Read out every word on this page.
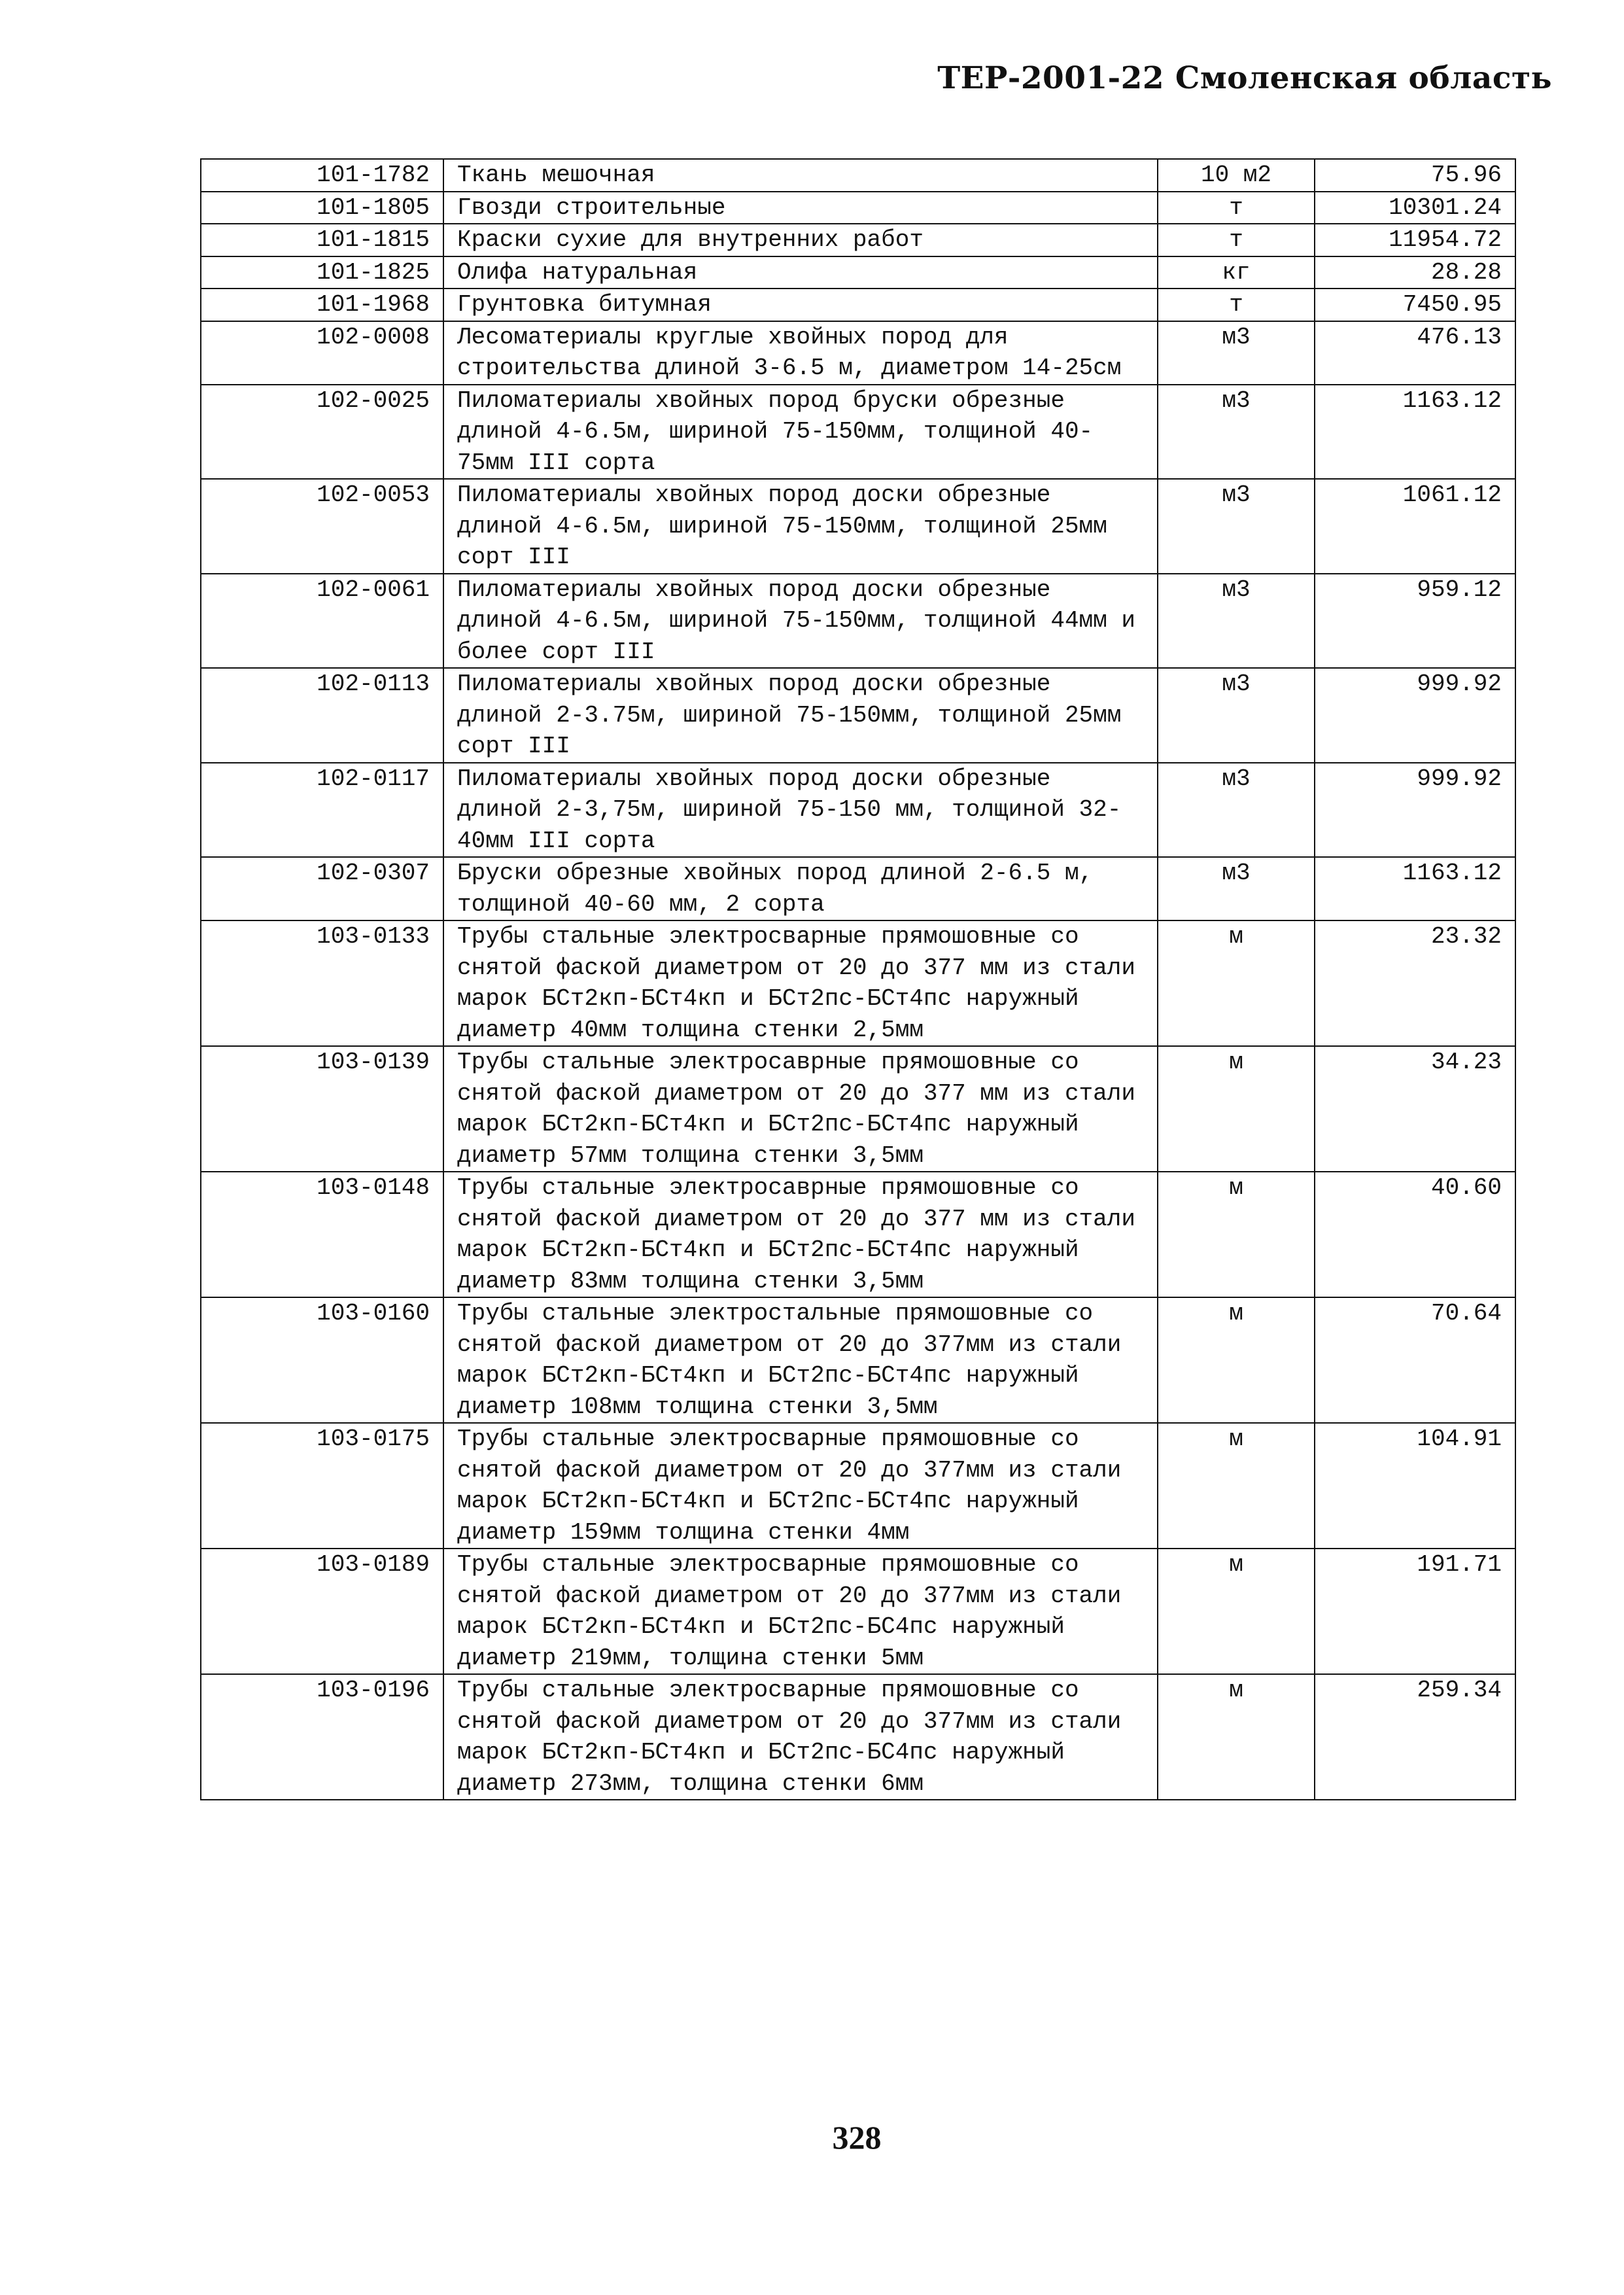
ТЕР-2001-22 Смоленская область
101-1782	Ткань мешочная	10 м2	75.96
101-1805	Гвозди строительные	т	10301.24
101-1815	Краски сухие для внутренних работ	т	11954.72
101-1825	Олифа натуральная	кг	28.28
101-1968	Грунтовка битумная	т	7450.95
102-0008	Лесоматериалы круглые хвойных пород для строительства длиной 3-6.5 м, диаметром 14-25см	м3	476.13
102-0025	Пиломатериалы хвойных пород бруски обрезные длиной 4-6.5м, шириной 75-150мм, толщиной 40-75мм III сорта	м3	1163.12
102-0053	Пиломатериалы хвойных пород доски обрезные длиной 4-6.5м, шириной 75-150мм, толщиной 25мм сорт III	м3	1061.12
102-0061	Пиломатериалы хвойных пород доски обрезные длиной 4-6.5м, шириной 75-150мм, толщиной 44мм и более сорт III	м3	959.12
102-0113	Пиломатериалы хвойных пород доски обрезные длиной 2-3.75м, шириной 75-150мм, толщиной 25мм сорт III	м3	999.92
102-0117	Пиломатериалы хвойных пород доски обрезные длиной 2-3,75м, шириной 75-150 мм, толщиной 32-40мм III сорта	м3	999.92
102-0307	Бруски обрезные хвойных пород длиной 2-6.5 м, толщиной 40-60 мм, 2 сорта	м3	1163.12
103-0133	Трубы стальные электросварные прямошовные со снятой фаской диаметром от 20 до 377 мм из стали марок БСт2кп-БСт4кп и БСт2пс-БСт4пс наружный диаметр 40мм толщина стенки 2,5мм	м	23.32
103-0139	Трубы стальные электросаврные прямошовные со снятой фаской диаметром от 20 до 377 мм из стали марок БСт2кп-БСт4кп и БСт2пс-БСт4пс наружный диаметр 57мм толщина стенки 3,5мм	м	34.23
103-0148	Трубы стальные электросаврные прямошовные со снятой фаской диаметром от 20 до 377 мм из стали марок БСт2кп-БСт4кп и БСт2пс-БСт4пс наружный диаметр 83мм толщина стенки 3,5мм	м	40.60
103-0160	Трубы стальные электростальные прямошовные со снятой фаской диаметром от 20 до 377мм из стали марок БСт2кп-БСт4кп и БСт2пс-БСт4пс наружный диаметр 108мм толщина стенки 3,5мм	м	70.64
103-0175	Трубы стальные электросварные прямошовные со снятой фаской диаметром от 20 до 377мм из стали марок БСт2кп-БСт4кп и БСт2пс-БСт4пс наружный диаметр 159мм толщина стенки 4мм	м	104.91
103-0189	Трубы стальные электросварные прямошовные со снятой фаской диаметром от 20 до 377мм из стали марок БСт2кп-БСт4кп и БСт2пс-БС4пс наружный диаметр 219мм, толщина стенки 5мм	м	191.71
103-0196	Трубы стальные электросварные прямошовные со снятой фаской диаметром от 20 до 377мм из стали марок БСт2кп-БСт4кп и БСт2пс-БС4пс наружный диаметр 273мм, толщина стенки 6мм	м	259.34
328
